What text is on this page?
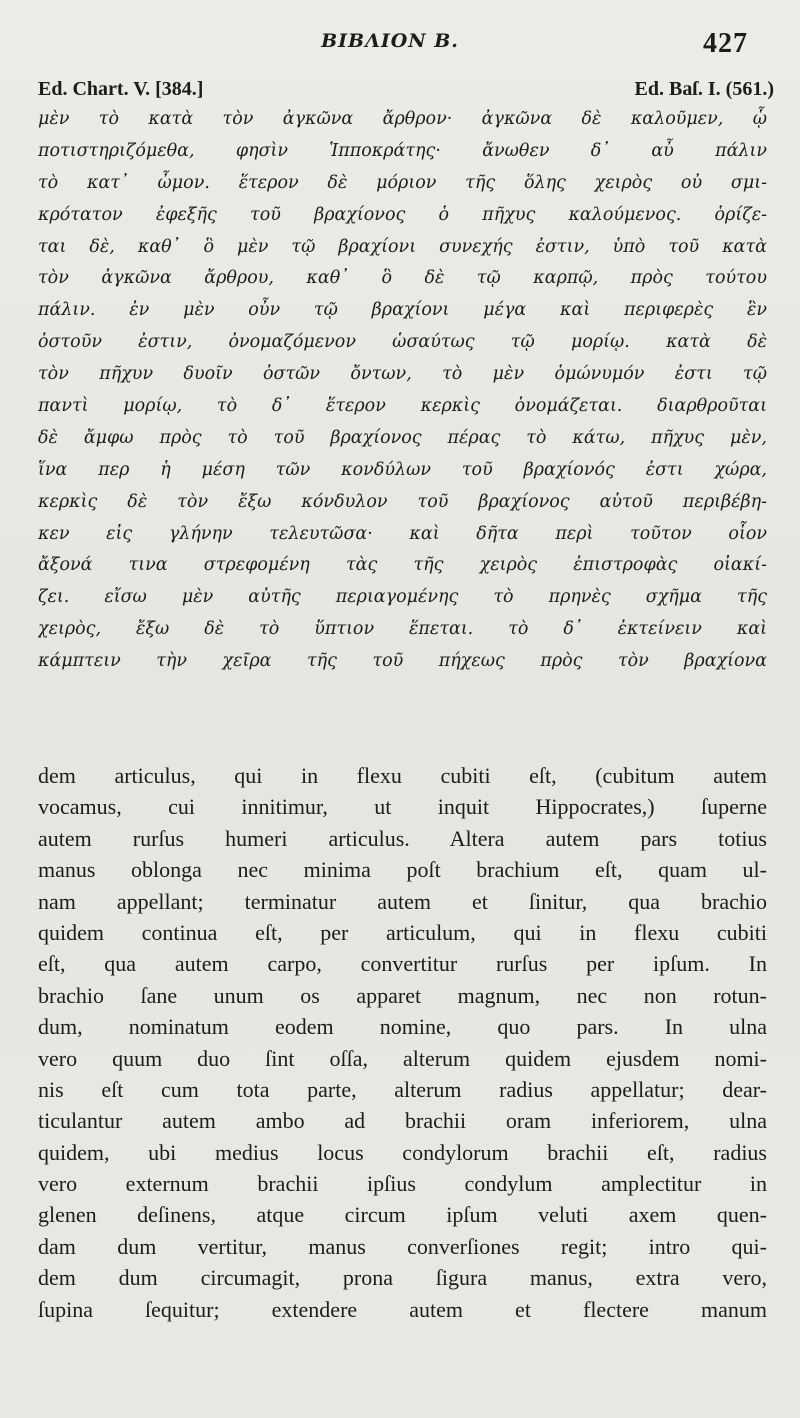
ΒΙΒΛΙΟΝ Β.	427
Ed. Chart. V. [384.]	Ed. Baſ. I. (561.)
μὲν τὸ κατὰ τὸν ἀγκῶνα ἄρθρον· ἀγκῶνα δὲ καλοῦμεν, ᾧ
ποτιστηριζόμεθα, φησὶν Ἱπποκράτης· ἄνωθεν δ᾽ αὖ πάλιν
τὸ κατ᾽ ὦμον. ἕτερον δὲ μόριον τῆς ὅλης χειρὸς οὐ σμι-
κρότατον ἐφεξῆς τοῦ βραχίονος ὁ πῆχυς καλούμενος. ὁρίζε-
ται δὲ, καθ᾽ ὃ μὲν τῷ βραχίονι συνεχής ἐστιν, ὑπὸ τοῦ κατὰ
τὸν ἀγκῶνα ἄρθρου, καθ᾽ ὃ δὲ τῷ καρπῷ, πρὸς τούτου
πάλιν. ἐν μὲν οὖν τῷ βραχίονι μέγα καὶ περιφερὲς ἓν
ὀστοῦν ἐστιν, ὀνομαζόμενον ὡσαύτως τῷ μορίῳ. κατὰ δὲ
τὸν πῆχυν δυοῖν ὀστῶν ὄντων, τὸ μὲν ὁμώνυμόν ἐστι τῷ
παντὶ μορίῳ, τὸ δ᾽ ἕτερον κερκὶς ὀνομάζεται. διαρθροῦται
δὲ ἄμφω πρὸς τὸ τοῦ βραχίονος πέρας τὸ κάτω, πῆχυς μὲν,
ἵνα περ ἡ μέση τῶν κονδύλων τοῦ βραχίονός ἐστι χώρα,
κερκὶς δὲ τὸν ἔξω κόνδυλον τοῦ βραχίονος αὐτοῦ περιβέβη-
κεν εἰς γλήνην τελευτῶσα· καὶ δῆτα περὶ τοῦτον οἷον
ἄξονά τινα στρεφομένη τὰς τῆς χειρὸς ἐπιστροφὰς οἰακί-
ζει. εἴσω μὲν αὐτῆς περιαγομένης τὸ πρηνὲς σχῆμα τῆς
χειρὸς, ἔξω δὲ τὸ ὕπτιον ἕπεται. τὸ δ᾽ ἐκτείνειν καὶ
κάμπτειν τὴν χεῖρα τῆς τοῦ πήχεως πρὸς τὸν βραχίονα
dem articulus, qui in flexu cubiti eſt, (cubitum autem
vocamus, cui innitimur, ut inquit Hippocrates,) ſuperne
autem rurſus humeri articulus. Altera autem pars totius
manus oblonga nec minima poſt brachium eſt, quam ul-
nam appellant; terminatur autem et ſinitur, qua brachio
quidem continua eſt, per articulum, qui in flexu cubiti
eſt, qua autem carpo, convertitur rurſus per ipſum. In
brachio ſane unum os apparet magnum, nec non rotun-
dum, nominatum eodem nomine, quo pars. In ulna
vero quum duo ſint oſſa, alterum quidem ejusdem nomi-
nis eſt cum tota parte, alterum radius appellatur; dear-
ticulantur autem ambo ad brachii oram inferiorem, ulna
quidem, ubi medius locus condylorum brachii eſt, radius
vero externum brachii ipſius condylum amplectitur in
glenen deſinens, atque circum ipſum veluti axem quen-
dam dum vertitur, manus converſiones regit; intro qui-
dem dum circumagit, prona ſigura manus, extra vero,
ſupina ſequitur; extendere autem et flectere manum
